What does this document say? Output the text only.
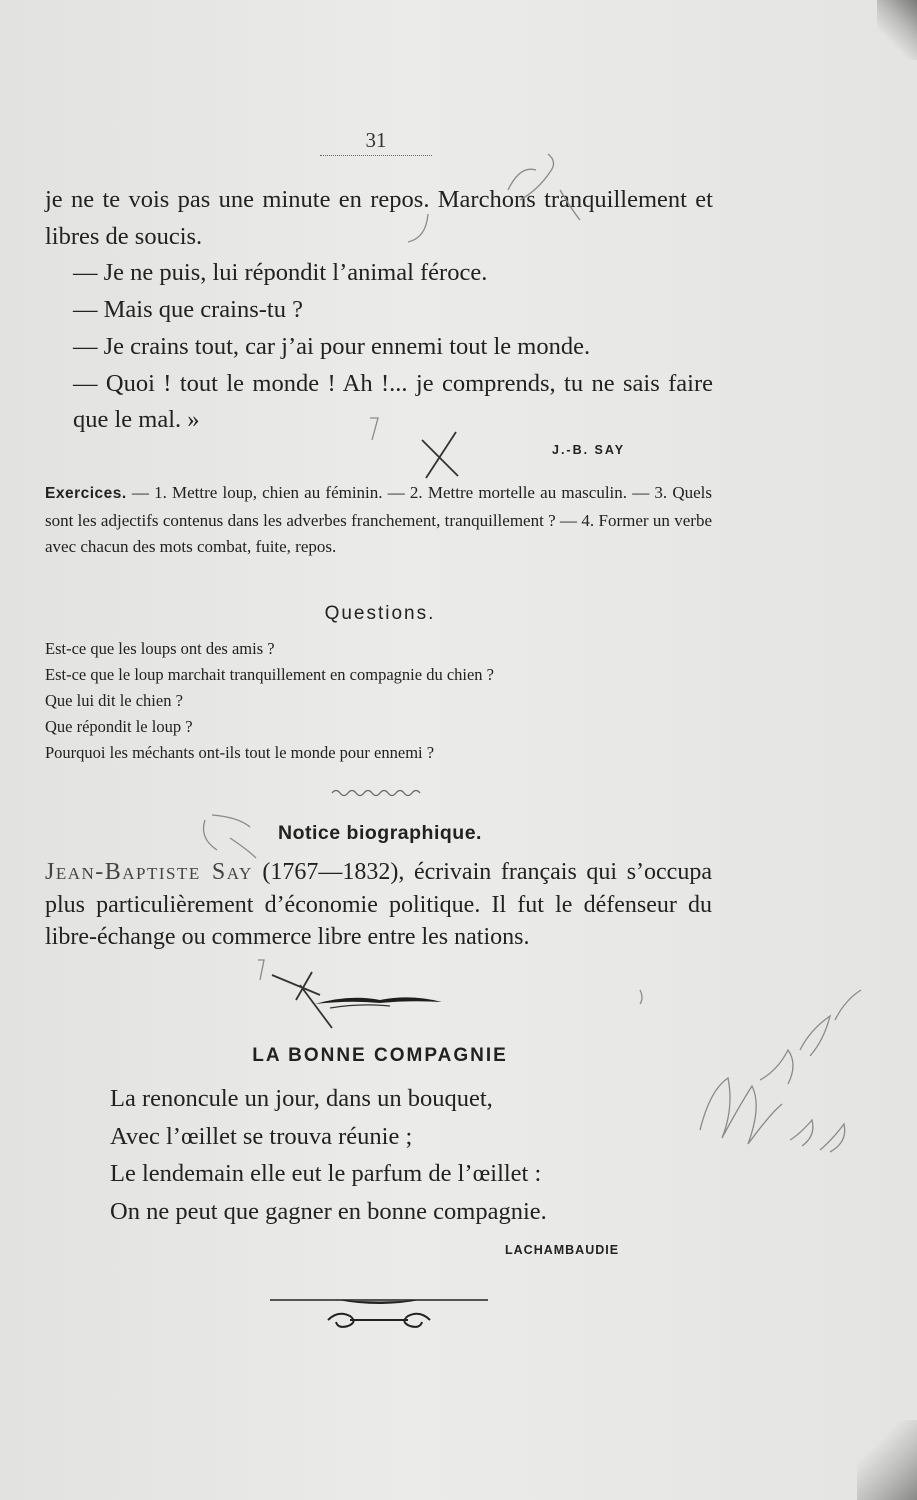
31

je ne te vois pas une minute en repos. Marchons tranquillement et libres de soucis.

— Je ne puis, lui répondit l’animal féroce.

— Mais que crains-tu ?

— Je crains tout, car j’ai pour ennemi tout le monde.

— Quoi ! tout le monde ! Ah !... je comprends, tu ne sais faire que le mal. »

J.-B. SAY
Exercices. — 1. Mettre loup, chien au féminin. — 2. Mettre mortelle au masculin. — 3. Quels sont les adjectifs contenus dans les adverbes franchement, tranquillement ? — 4. Former un verbe avec chacun des mots combat, fuite, repos.
Questions.
Est-ce que les loups ont des amis ?
Est-ce que le loup marchait tranquillement en compagnie du chien ?
Que lui dit le chien ?
Que répondit le loup ?
Pourquoi les méchants ont-ils tout le monde pour ennemi ?
Notice biographique.
Jean-Baptiste Say (1767—1832), écrivain français qui s’occupa plus particulièrement d’économie politique. Il fut le défenseur du libre-échange ou commerce libre entre les nations.
LA BONNE COMPAGNIE
La renoncule un jour, dans un bouquet,
Avec l’œillet se trouva réunie ;
Le lendemain elle eut le parfum de l’œillet :
On ne peut que gagner en bonne compagnie.
LACHAMBAUDIE
